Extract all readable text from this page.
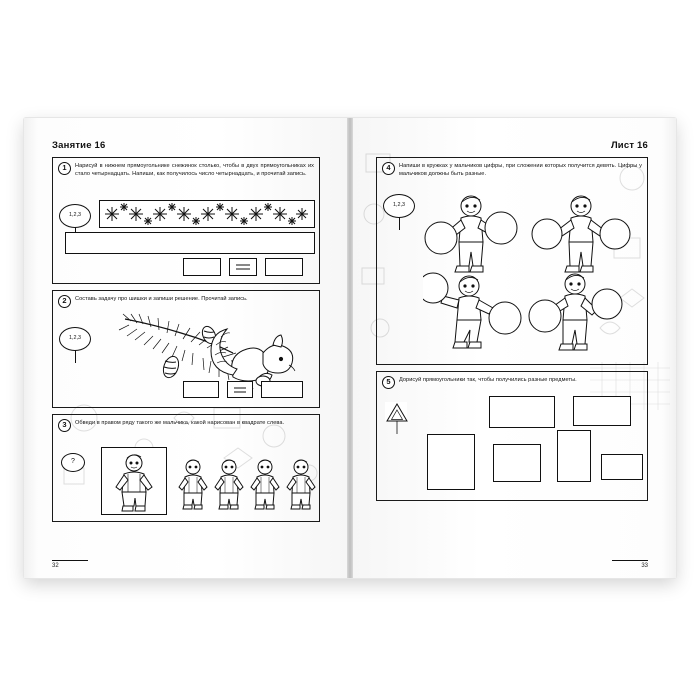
Занятие 16
1	Нарисуй в нижнем прямоугольнике снежинок столько, чтобы в двух прямоугольниках их стало четырнадцать. Напиши, как получилось число четырнадцать, и прочитай запись.
1,2,3
2	Составь задачу про шишки и запиши решение. Прочитай запись.
1,2,3
3	Обведи в правом ряду такого же мальчика, какой нарисован в квадрате слева.
?
32
Лист 16
4	Напиши в кружках у мальчиков цифры, при сложении которых получится девять. Цифры у мальчиков должны быть разные.
1,2,3
5	Дорисуй прямоугольники так, чтобы получились разные предметы.
33
